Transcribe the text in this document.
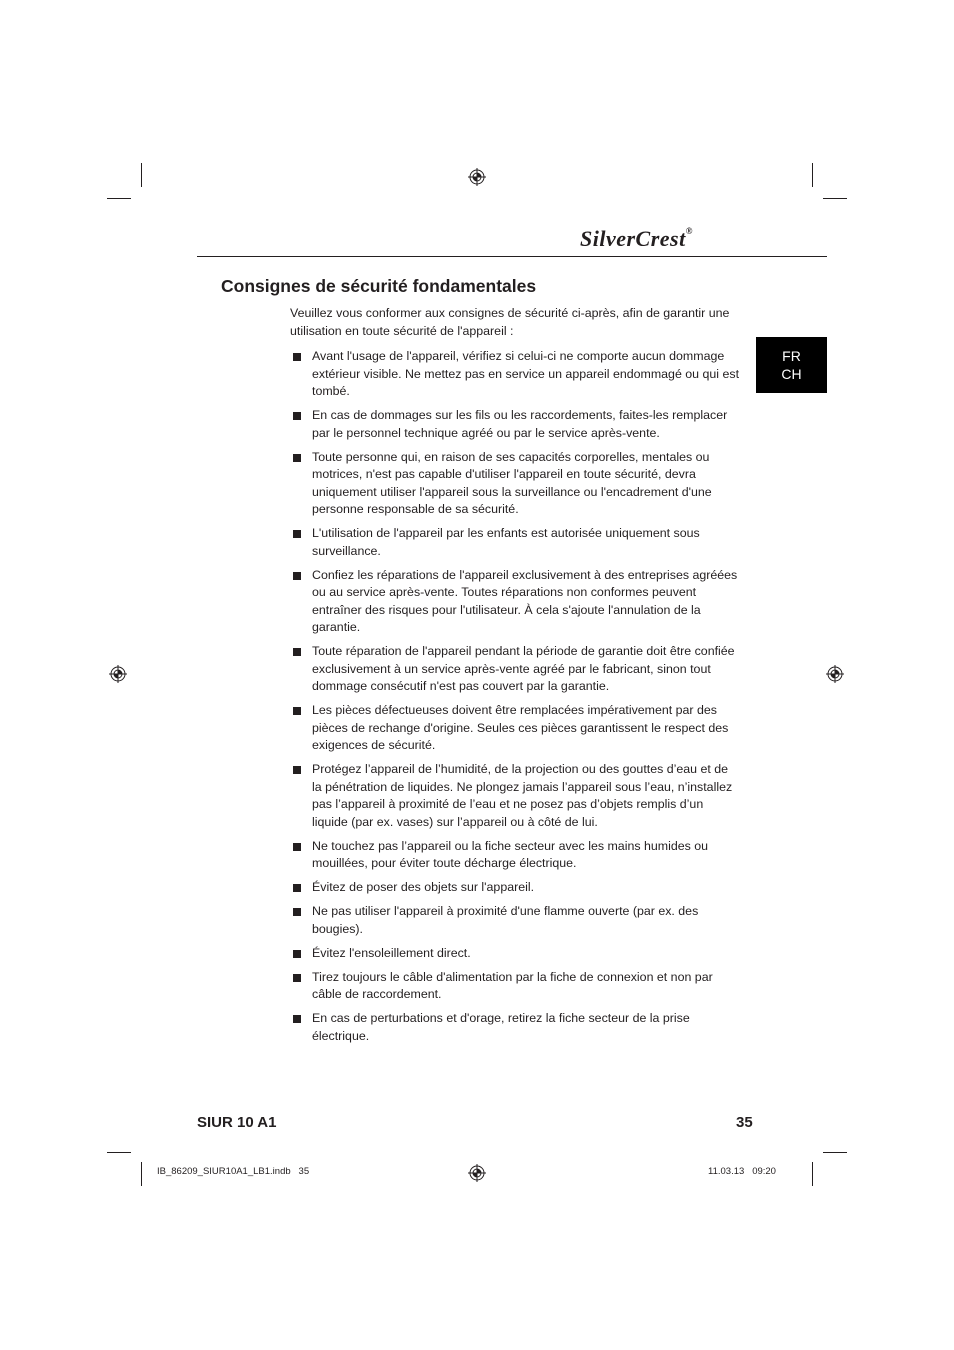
SilverCrest®
FR
CH
Consignes de sécurité fondamentales
Veuillez vous conformer aux consignes de sécurité ci-après, afin de garantir une utilisation en toute sécurité de l'appareil :
Avant l'usage de l'appareil, vérifiez si celui-ci ne comporte aucun dommage extérieur visible. Ne mettez pas en service un appareil endommagé ou qui est tombé.
En cas de dommages sur les fils ou les raccordements, faites-les remplacer par le personnel technique agréé ou par le service après-vente.
Toute personne qui, en raison de ses capacités corporelles, mentales ou motrices, n'est pas capable d'utiliser l'appareil en toute sécurité, devra uniquement utiliser l'appareil sous la surveillance ou l'encadrement d'une personne responsable de sa sécurité.
L'utilisation de l'appareil par les enfants est autorisée uniquement sous surveillance.
Confiez les réparations de l'appareil exclusivement à des entreprises agréées ou au service après-vente. Toutes réparations non conformes peuvent entraîner des risques pour l'utilisateur. À cela s'ajoute l'annulation de la garantie.
Toute réparation de l'appareil pendant la période de garantie doit être confiée exclusivement à un service après-vente agréé par le fabricant, sinon tout dommage consécutif n'est pas couvert par la garantie.
Les pièces défectueuses doivent être remplacées impérativement par des pièces de rechange d'origine. Seules ces pièces garantissent le respect des exigences de sécurité.
Protégez l’appareil de l’humidité, de la projection ou des gouttes d’eau et de la pénétration de liquides. Ne plongez jamais l’appareil sous l’eau, n’installez pas l’appareil à proximité de l’eau et ne posez pas d’objets remplis d’un liquide (par ex. vases) sur l’appareil ou à côté de lui.
Ne touchez pas l’appareil ou la fiche secteur avec les mains humides ou mouillées, pour éviter toute décharge électrique.
Évitez de poser des objets sur l'appareil.
Ne pas utiliser l'appareil à proximité d'une flamme ouverte (par ex. des bougies).
Évitez l'ensoleillement direct.
Tirez toujours le câble d'alimentation par la fiche de connexion et non par câble de raccordement.
En cas de perturbations et d'orage, retirez la fiche secteur de la prise électrique.
SIUR 10 A1	35
IB_86209_SIUR10A1_LB1.indb   35	11.03.13   09:20
